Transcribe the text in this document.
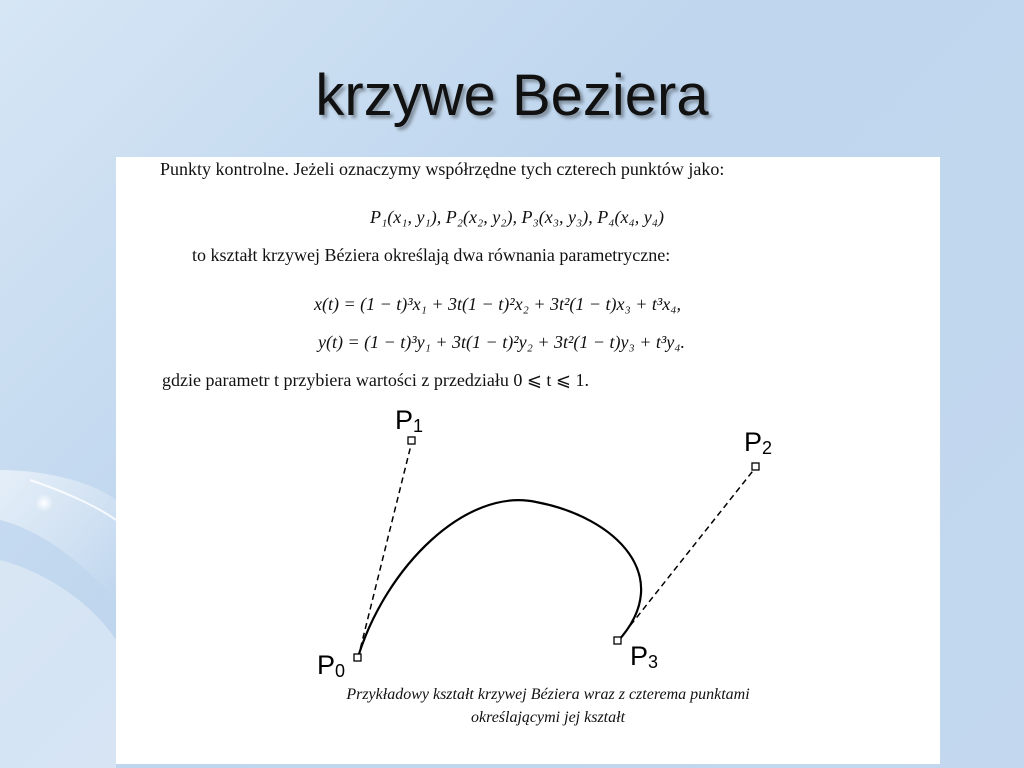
krzywe Beziera
Punkty kontrolne. Jeżeli oznaczymy współrzędne tych czterech punktów jako:
P₁(x₁, y₁), P₂(x₂, y₂), P₃(x₃, y₃), P₄(x₄, y₄)
to kształt krzywej Béziera określają dwa równania parametryczne:
x(t) = (1 − t)³x₁ + 3t(1 − t)²x₂ + 3t²(1 − t)x₃ + t³x₄,
y(t) = (1 − t)³y₁ + 3t(1 − t)²y₂ + 3t²(1 − t)y₃ + t³y₄.
gdzie parametr t przybiera wartości z przedziału 0 ⩽ t ⩽ 1.
P0
P1
P2
P3
Przykładowy kształt krzywej Béziera wraz z czterema punktami
określającymi jej kształt
